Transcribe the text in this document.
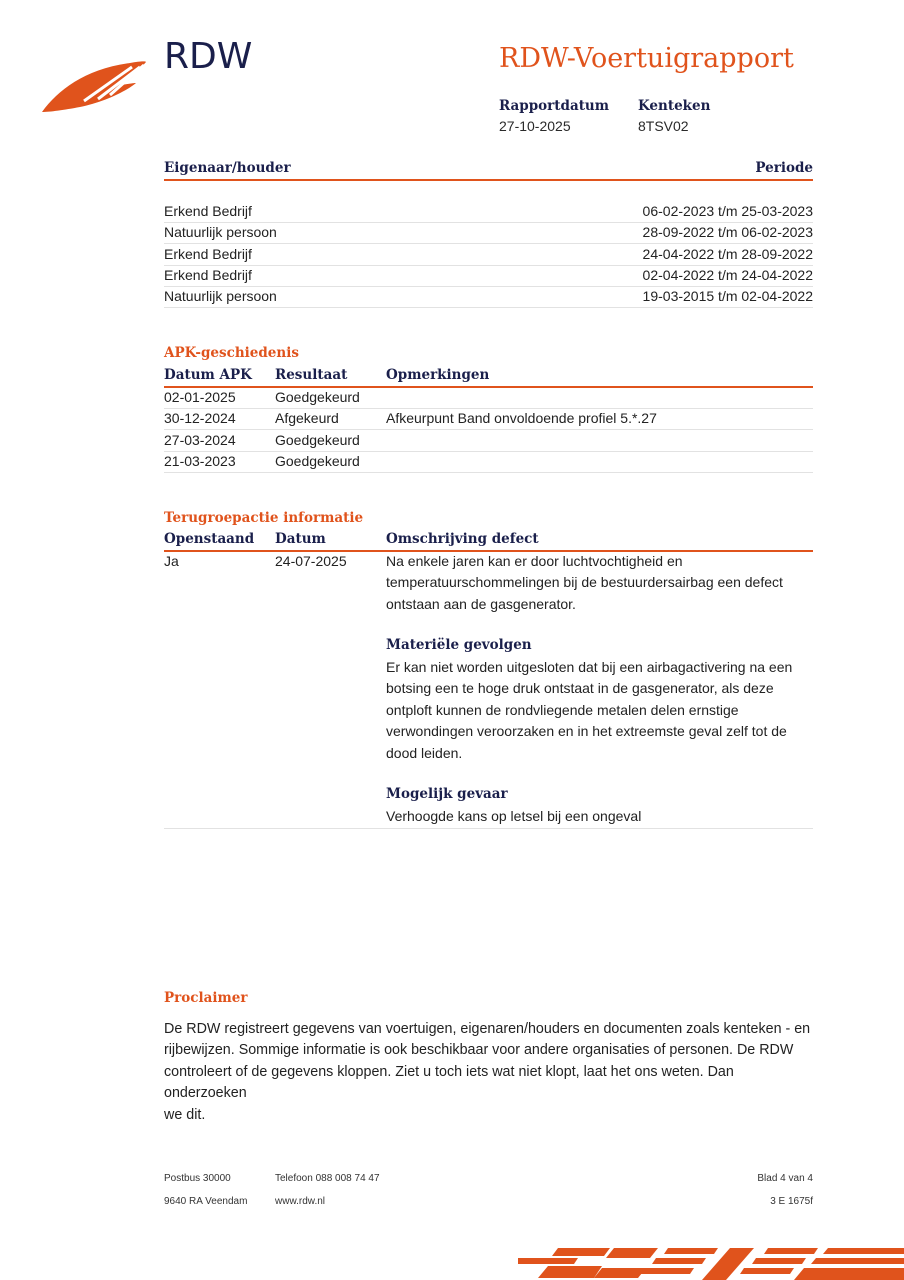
RDW	RDW-Voertuigrapport
Rapportdatum
27-10-2025
Kenteken
8TSV02
Eigenaar/houder	Periode
Erkend Bedrijf	06-02-2023 t/m 25-03-2023
Natuurlijk persoon	28-09-2022 t/m 06-02-2023
Erkend Bedrijf	24-04-2022 t/m 28-09-2022
Erkend Bedrijf	02-04-2022 t/m 24-04-2022
Natuurlijk persoon	19-03-2015 t/m 02-04-2022
APK-geschiedenis
Datum APK Resultaat	Opmerkingen
02-01-2025	Goedgekeurd
30-12-2024	Afgekeurd	Afkeurpunt Band onvoldoende profiel 5.*.27
27-03-2024	Goedgekeurd
21-03-2023	Goedgekeurd
Terugroepactie informatie
Openstaand Datum	Omschrijving defect
Ja	24-07-2025	Na enkele jaren kan er door luchtvochtigheid en
temperatuurschommelingen bij de bestuurdersairbag een defect
ontstaan aan de gasgenerator.
Materiële gevolgen
Er kan niet worden uitgesloten dat bij een airbagactivering na een
botsing een te hoge druk ontstaat in de gasgenerator, als deze
ontploft kunnen de rondvliegende metalen delen ernstige
verwondingen veroorzaken en in het extreemste geval zelf tot de
dood leiden.
Mogelijk gevaar
Verhoogde kans op letsel bij een ongeval
Proclaimer
De RDW registreert gegevens van voertuigen, eigenaren/houders en documenten zoals kenteken - en
rijbewijzen. Sommige informatie is ook beschikbaar voor andere organisaties of personen. De RDW
controleert of de gegevens kloppen. Ziet u toch iets wat niet klopt, laat het ons weten. Dan onderzoeken
we dit.
Postbus 30000	Telefoon 088 008 74 47	Blad 4 van 4
9640 RA Veendam	www.rdw.nl	3 E 1675f
